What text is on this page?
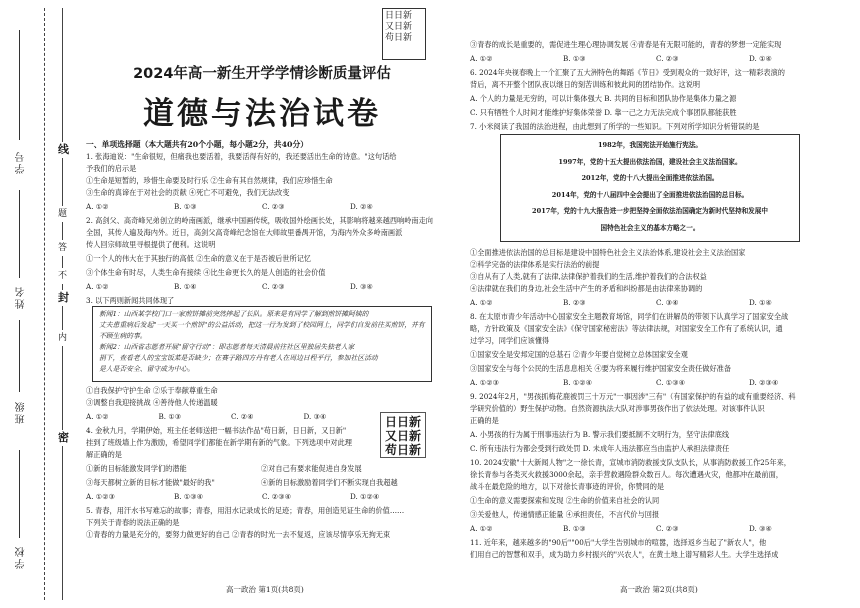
学号
姓名
班级
学校
线
题
答
不
内
封
密
日日新 又日新 苟日新
2024年高一新生开学学情诊断质量评估
道德与法治试卷
一、单项选择题（本大题共有20个小题，每小题2分，共40分）
1. 张海迪说："生命很短，但痛我也要活着，我要活得有好的，我还要活出生命的诗意。"这句话给
予我们的启示是
①生命是短暂的，珍惜生命要及时行乐 ②生命有其自然规律，我们应珍惜生命
③生命的真谛在于对社会的贡献 ④死亡不可避免，我们无法改变
A. ①②	B. ①③	C. ②③	D. ②④
2. 高剑父、高奇峰兄弟创立的岭南画派，继承中国画传统，吸收国外绘画长处，其影响将越来越西响岭南走向
全国，其传人遍及海内外。近日，高剑父高奇峰纪念馆在大师故里番禺开馆，为海内外众多岭南画派
传人回宗师故里寻根提供了便利。这说明
①一个人的伟大在于其独行的高低 ②生命的意义在于是否被后世所记忆
③个体生命有时尽，人类生命有接续 ④比生命更长久的是人创造的社会价值
A. ①②	B. ①④	C. ②③	D. ③④
3. 以下两则新闻共同体现了
新闻1：山西某学校门口一家煎饼摊前突然摔起了长队。原来是有同学了解到煎饼摊阿姨的
丈夫患重病后发起"一天买一个煎饼"的公益活动，把这一行为发到了校园网上，同学们自发前往买煎饼，并有
不顾生病的事。
新闻2：山西省志愿者开展"留守行动"：即志愿者每天清晨前往社区里独居失独老人家
捐下，查看老人的宝宝饭菜是否缺少；在赛子路四方丹有老人在周边日程平行，参加社区活动
是人是否安全、留守成为中心。
①自我保护守护生命 ②乐于奉献尊重生命
③调整自我迎接挑战 ④善待他人传递温暖
A. ①②	B. ①③	C. ②④	D. ③④	日日新 又日新 苟日新
4. 金秋九月，学期伊始，班主任老师送把一幅书法作品"苟日新，日日新，又日新"
挂到了班级墙上作为激励，希望同学们都能在新学期有新的气象。下列选项中对此理
解正确的是
①新的目标能激发同学们的潜能	②对自己有要求能促进自身发展
③每天都树立新的目标才能做"最好的我"	④新的目标激励着同学们不断实现自我超越
A. ①②③	B. ①③④	C. ②③④	D. ①②④
5. 青春，用汗水书写难忘的故事；青春，用泪水记录成长的足迹；青春，用创造见证生命的价值……
下列关于青春的说法正确的是
①青春的力量是充分的，要努力做更好的自己 ②青春的时光一去不复返，应该尽情享乐无拘无束
高一政治 第1页(共8页)
③青春的成长是重要的，需促进生理心理协调发展 ④青春是有无限可能的，青春的梦想一定能实现
A. ①②	B. ①③	C. ②③	D. ①④
6. 2024年央视春晚上一个汇聚了五大洲特色的舞蹈《节日》受到观众的一致好评，这一精彩表演的
背后，离不开整个团队夜以继日的刻苦训练和彼此间的团结协作。这说明
A. 个人的力量是无穷的，可以计集体强大 B. 共同的目标和团队协作是集体力量之源
C. 只有牺牲个人时间才能维护好集体荣誉 D. 靠一己之力无法完成个事团队都能获胜
7. 小米阅读了我国的法治进程，由此想到了所学的一些知识。下列对所学知识分析错误的是
1982年，我国宪法开始施行宪法。
1997年，党的十五大提出依法治国，建设社会主义法治国家。
2012年，党的十八大提出全面推进依法治国。
2014年，党的十八届四中全会提出了全面推进依法治国的总目标。
2017年，党的十九大报告进一步把坚持全面依法治国确定为新时代坚持和发展中
国特色社会主义的基本方略之一。
①全面推进依法治国的总目标是建设中国特色社会主义法治体系,建设社会主义法治国家
②科学完备的法律体系是实行法治的前提
③自从有了人类,就有了法律,法律保护着我们的生活,维护着我们的合法权益
④法律就在我们的身边,社会生活中产生的矛盾和纠纷都是由法律来协调的
A. ①②	B. ②③	C. ③④	D. ①④
8. 在太原市青少年活动中心国家安全主题教育场馆，同学们在讲解员的带领下认真学习了国家安全战
略，方针政策及《国家安全法》《保守国家秘密法》等法律法规，对国家安全工作有了系统认识，通
过学习，同学们应该懂得
①国家安全是安邦定国的总基石 ②青少年要自觉树立总体国家安全观
③国家安全与每个公民的生活息息相关 ④要为将来履行维护国家安全责任做好准备
A. ①②③	B. ①②④	C. ①③④	D. ②③④
9. 2024年2月，"男孩抓梅花鹿被罚三十万元"一事因涉"三有"（有国家保护的有益的或有重要经济、科
学研究价值的）野生保护动物。自然资源执法大队对涉事男孩作出了依法处理。对该事件认识
正确的是
A. 小男孩的行为属于刑事违法行为 B. 警示我们要抵制不文明行为，坚守法律底线
C. 所有违法行为都会受到行政处罚 D. 未成年人违法都应当由监护人承担法律责任
10. 2024安徽"十大新闻人物"之一徐长青，宣城市消防救援支队支队长，从事消防救援工作25年来，
徐长青参与各类灭火救援3000余起，亲手营救遇险群众数百人。每次遭遇火灾，他都冲在最前面，
战斗在最危险的地方，以下对徐长青事迹的评价，你赞同的是
①生命的意义需要探索和发现 ②生命的价值来自社会的认同
③关爱他人，传递情感正能量 ④承担责任，不言代价与回报
A. ①②	B. ①③	C. ②③	D. ③④
11. 近年来，越来越多的"90后""00后"大学生告别城市的喧嚣，选择返乡当起了"新农人"，他
们用自己的智慧和双手，成为助力乡村振兴的"兴农人"，在黄土地上谱写精彩人生。大学生选择成
高一政治 第2页(共8页)
